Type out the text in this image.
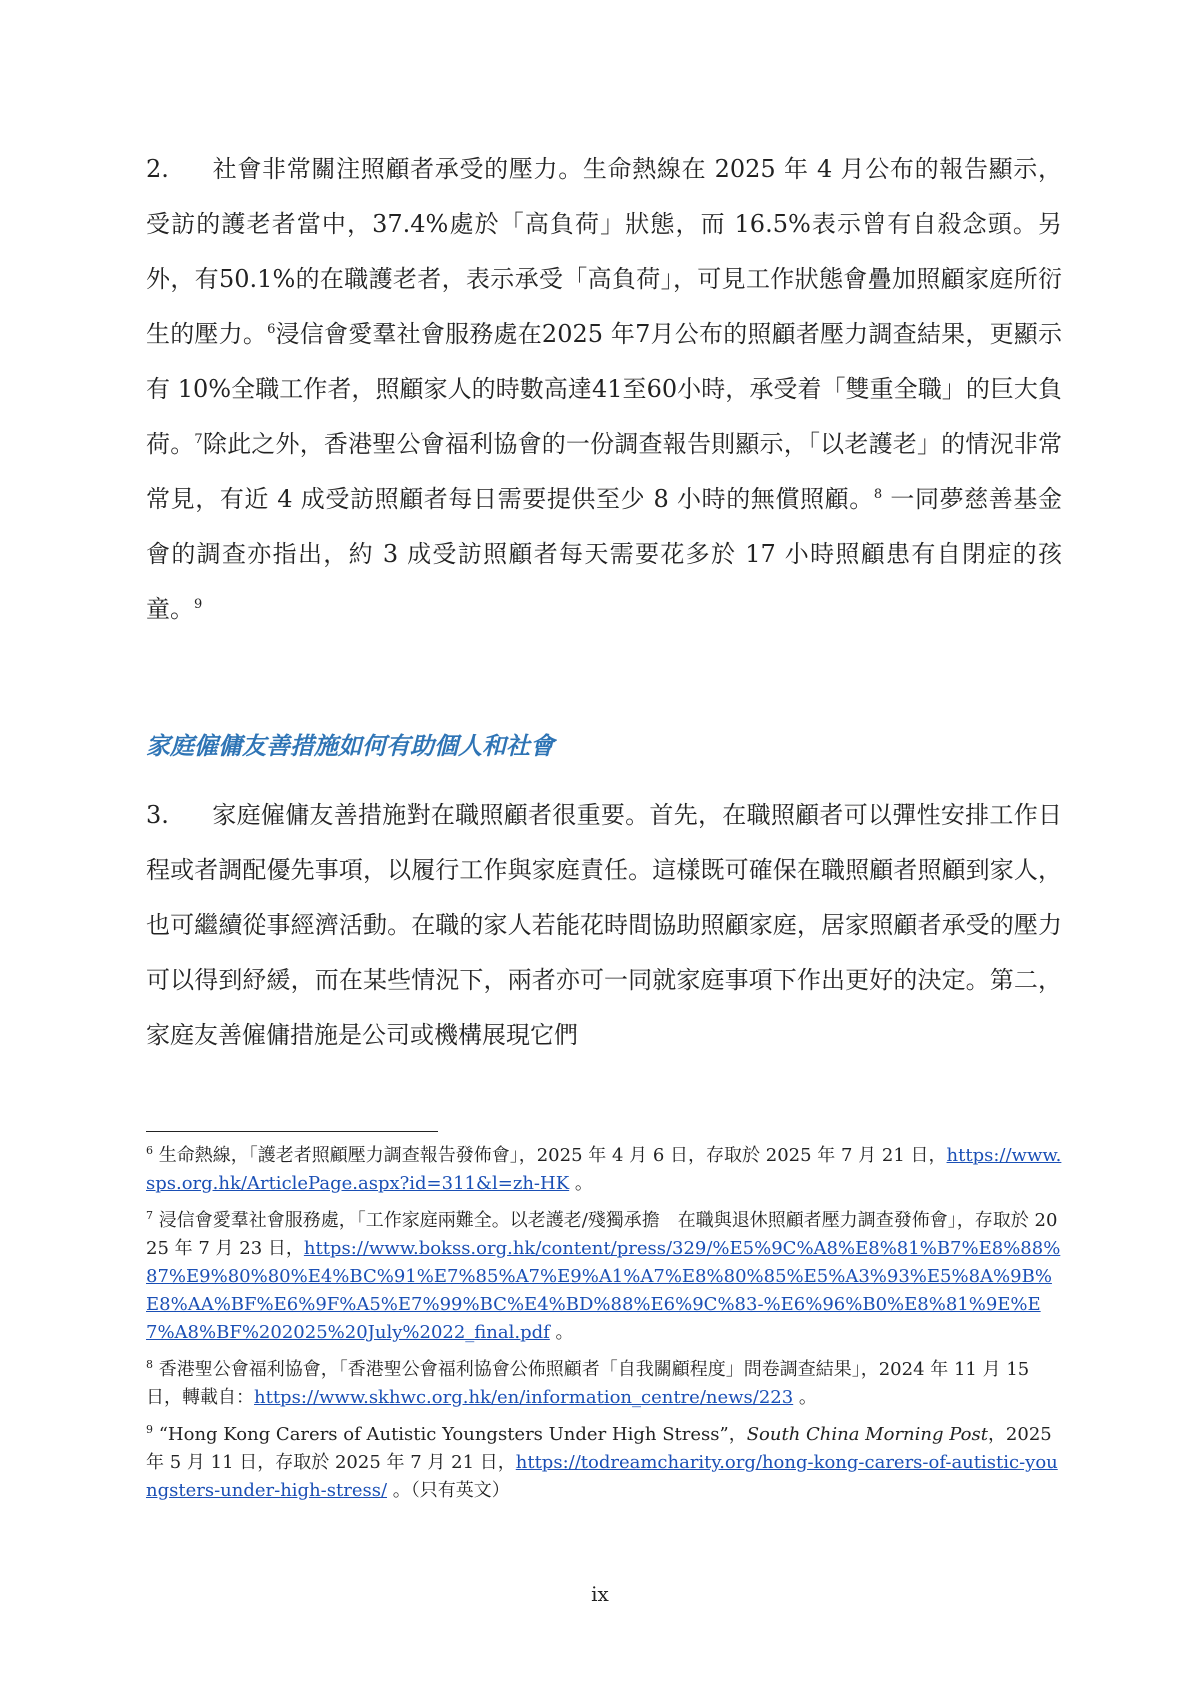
2. 社會非常關注照顧者承受的壓力。生命熱線在 2025 年 4 月公布的報告顯示，受訪的護老者當中，37.4%處於「高負荷」狀態，而 16.5%表示曾有自殺念頭。另外，有50.1%的在職護老者，表示承受「高負荷」，可見工作狀態會疊加照顧家庭所衍生的壓力。$^6$浸信會愛羣社會服務處在2025 年7月公布的照顧者壓力調查結果，更顯示有 10%全職工作者，照顧家人的時數高達41至60小時，承受着「雙重全職」的巨大負荷。$^7$除此之外，香港聖公會福利協會的一份調查報告則顯示，「以老護老」的情況非常常見，有近 4 成受訪照顧者每日需要提供至少 8 小時的無償照顧。$^8$ 一同夢慈善基金會的調查亦指出，約 3 成受訪照顧者每天需要花多於 17 小時照顧患有自閉症的孩童。$^9$

家庭僱傭友善措施如何有助個人和社會

3. 家庭僱傭友善措施對在職照顧者很重要。首先，在職照顧者可以彈性安排工作日程或者調配優先事項，以履行工作與家庭責任。這樣既可確保在職照顧者照顧到家人，也可繼續從事經濟活動。在職的家人若能花時間協助照顧家庭，居家照顧者承受的壓力可以得到紓緩，而在某些情況下，兩者亦可一同就家庭事項下作出更好的決定。第二，家庭友善僱傭措施是公司或機構展現它們

$^6$ 生命熱線，「護老者照顧壓力調查報告發佈會」，2025 年 4 月 6 日，存取於 2025 年 7 月 21 日，https://www.sps.org.hk/ArticlePage.aspx?id=311&l=zh-HK 。

$^7$ 浸信會愛羣社會服務處，「工作家庭兩難全。以老護老/殘獨承擔　在職與退休照顧者壓力調查發佈會」，存取於 2025 年 7 月 23 日，https://www.bokss.org.hk/content/press/329/%E5%9C%A8%E8%81%B7%E8%88%87%E9%80%80%E4%BC%91%E7%85%A7%E9%A1%A7%E8%80%85%E5%A3%93%E5%8A%9B%E8%AA%BF%E6%9F%A5%E7%99%BC%E4%BD%88%E6%9C%83-%E6%96%B0%E8%81%9E%E7%A8%BF%202025%20July%2022_final.pdf 。

$^8$ 香港聖公會福利協會，「香港聖公會福利協會公佈照顧者「自我關顧程度」問卷調查結果」，2024 年 11 月 15 日，轉載自：https://www.skhwc.org.hk/en/information_centre/news/223 。

$^9$ “Hong Kong Carers of Autistic Youngsters Under High Stress”，South China Morning Post，2025 年 5 月 11 日，存取於 2025 年 7 月 21 日，https://todreamcharity.org/hong-kong-carers-of-autistic-youngsters-under-high-stress/ 。（只有英文）

ix
